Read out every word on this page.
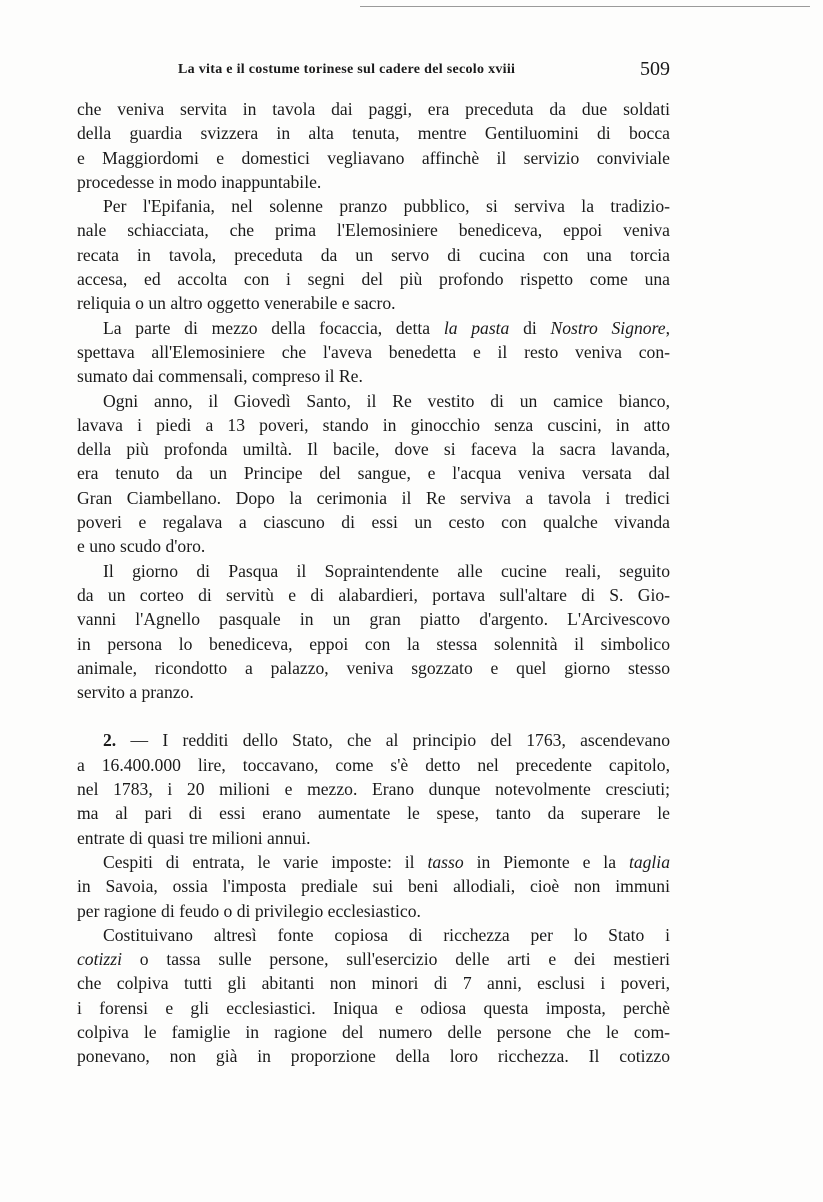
La vita e il costume torinese sul cadere del secolo xviii	509
che veniva servita in tavola dai paggi, era preceduta da due soldati
della guardia svizzera in alta tenuta, mentre Gentiluomini di bocca
e Maggiordomi e domestici vegliavano affinchè il servizio conviviale
procedesse in modo inappuntabile.
Per l'Epifania, nel solenne pranzo pubblico, si serviva la tradizio-
nale schiacciata, che prima l'Elemosiniere benediceva, eppoi veniva
recata in tavola, preceduta da un servo di cucina con una torcia
accesa, ed accolta con i segni del più profondo rispetto come una
reliquia o un altro oggetto venerabile e sacro.
La parte di mezzo della focaccia, detta la pasta di Nostro Signore,
spettava all'Elemosiniere che l'aveva benedetta e il resto veniva con-
sumato dai commensali, compreso il Re.
Ogni anno, il Giovedì Santo, il Re vestito di un camice bianco,
lavava i piedi a 13 poveri, stando in ginocchio senza cuscini, in atto
della più profonda umiltà. Il bacile, dove si faceva la sacra lavanda,
era tenuto da un Principe del sangue, e l'acqua veniva versata dal
Gran Ciambellano. Dopo la cerimonia il Re serviva a tavola i tredici
poveri e regalava a ciascuno di essi un cesto con qualche vivanda
e uno scudo d'oro.
Il giorno di Pasqua il Sopraintendente alle cucine reali, seguito
da un corteo di servitù e di alabardieri, portava sull'altare di S. Gio-
vanni l'Agnello pasquale in un gran piatto d'argento. L'Arcivescovo
in persona lo benediceva, eppoi con la stessa solennità il simbolico
animale, ricondotto a palazzo, veniva sgozzato e quel giorno stesso
servito a pranzo.
2. — I redditi dello Stato, che al principio del 1763, ascendevano
a 16.400.000 lire, toccavano, come s'è detto nel precedente capitolo,
nel 1783, i 20 milioni e mezzo. Erano dunque notevolmente cresciuti;
ma al pari di essi erano aumentate le spese, tanto da superare le
entrate di quasi tre milioni annui.
Cespiti di entrata, le varie imposte: il tasso in Piemonte e la taglia
in Savoia, ossia l'imposta prediale sui beni allodiali, cioè non immuni
per ragione di feudo o di privilegio ecclesiastico.
Costituivano altresì fonte copiosa di ricchezza per lo Stato i
cotizzi o tassa sulle persone, sull'esercizio delle arti e dei mestieri
che colpiva tutti gli abitanti non minori di 7 anni, esclusi i poveri,
i forensi e gli ecclesiastici. Iniqua e odiosa questa imposta, perchè
colpiva le famiglie in ragione del numero delle persone che le com-
ponevano, non già in proporzione della loro ricchezza. Il cotizzo
